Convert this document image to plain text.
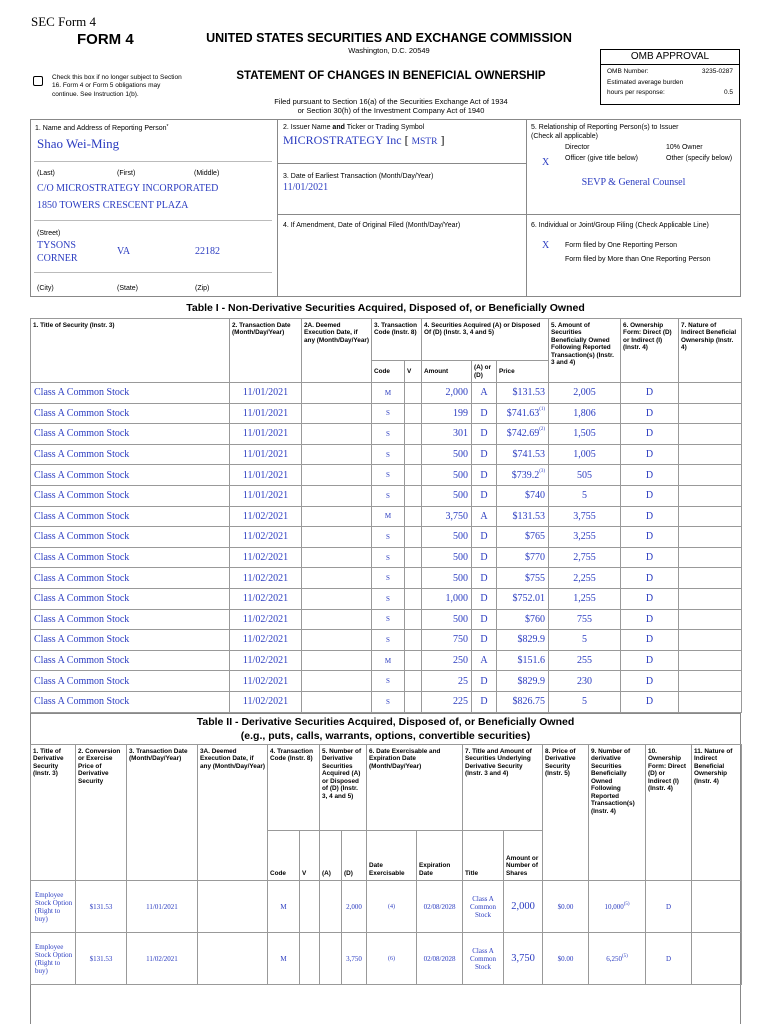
SEC Form 4
FORM 4	UNITED STATES SECURITIES AND EXCHANGE COMMISSION
Washington, D.C. 20549
Check this box if no longer subject to Section 16. Form 4 or Form 5 obligations may continue. See Instruction 1(b).
STATEMENT OF CHANGES IN BENEFICIAL OWNERSHIP
Filed pursuant to Section 16(a) of the Securities Exchange Act of 1934
or Section 30(h) of the Investment Company Act of 1940
OMB APPROVAL
OMB Number:	3235-0287
Estimated average burden
hours per response:	0.5
1. Name and Address of Reporting Person*
Shao Wei-Ming
(Last)	(First)	(Middle)
C/O MICROSTRATEGY INCORPORATED
1850 TOWERS CRESCENT PLAZA
(Street)
TYSONS
CORNER
VA	22182
(City)	(State)	(Zip)
2. Issuer Name and Ticker or Trading Symbol
MICROSTRATEGY Inc [ MSTR ]
3. Date of Earliest Transaction (Month/Day/Year)
11/01/2021
4. If Amendment, Date of Original Filed (Month/Day/Year)
5. Relationship of Reporting Person(s) to Issuer
(Check all applicable)
Director	10% Owner
X Officer (give title below)	Other (specify below)
SEVP & General Counsel
6. Individual or Joint/Group Filing (Check Applicable Line)
X Form filed by One Reporting Person
Form filed by More than One Reporting Person
Table I - Non-Derivative Securities Acquired, Disposed of, or Beneficially Owned
1. Title of Security (Instr. 3)	2. Transaction Date (Month/Day/Year)	2A. Deemed Execution Date, if any (Month/Day/Year)	3. Transaction Code (Instr. 8)		4. Securities Acquired (A) or Disposed Of (D) (Instr. 3, 4 and 5)			5. Amount of Securities Beneficially Owned Following Reported Transaction(s) (Instr. 3 and 4)	6. Ownership Form: Direct (D) or Indirect (I) (Instr. 4)	7. Nature of Indirect Beneficial Ownership (Instr. 4)
			Code	V	Amount	(A) or (D)	Price			
Class A Common Stock	11/01/2021		M		2,000	A	$131.53	2,005	D	
Class A Common Stock	11/01/2021		S		199	D	$741.63$^{(1)}$	1,806	D	
Class A Common Stock	11/01/2021		S		301	D	$742.69$^{(2)}$	1,505	D	
Class A Common Stock	11/01/2021		S		500	D	$741.53	1,005	D	
Class A Common Stock	11/01/2021		S		500	D	$739.2$^{(3)}$	505	D	
Class A Common Stock	11/01/2021		S		500	D	$740	5	D	
Class A Common Stock	11/02/2021		M		3,750	A	$131.53	3,755	D	
Class A Common Stock	11/02/2021		S		500	D	$765	3,255	D	
Class A Common Stock	11/02/2021		S		500	D	$770	2,755	D	
Class A Common Stock	11/02/2021		S		500	D	$755	2,255	D	
Class A Common Stock	11/02/2021		S		1,000	D	$752.01	1,255	D	
Class A Common Stock	11/02/2021		S		500	D	$760	755	D	
Class A Common Stock	11/02/2021		S		750	D	$829.9	5	D	
Class A Common Stock	11/02/2021		M		250	A	$151.6	255	D	
Class A Common Stock	11/02/2021		S		25	D	$829.9	230	D	
Class A Common Stock	11/02/2021		S		225	D	$826.75	5	D	
Table II - Derivative Securities Acquired, Disposed of, or Beneficially Owned
(e.g., puts, calls, warrants, options, convertible securities)
1. Title of Derivative Security (Instr. 3)	2. Conversion or Exercise Price of Derivative Security	3. Transaction Date (Month/Day/Year)	3A. Deemed Execution Date, if any (Month/Day/Year)	4. Transaction Code (Instr. 8)		5. Number of Derivative Securities Acquired (A) or Disposed of (D) (Instr. 3, 4 and 5)		6. Date Exercisable and Expiration Date (Month/Day/Year)		7. Title and Amount of Securities Underlying Derivative Security (Instr. 3 and 4)		8. Price of Derivative Security (Instr. 5)	9. Number of derivative Securities Beneficially Owned Following Reported Transaction(s) (Instr. 4)	10. Ownership Form: Direct (D) or Indirect (I) (Instr. 4)	11. Nature of Indirect Beneficial Ownership (Instr. 4)
				Code	V	(A)	(D)	Date Exercisable	Expiration Date	Title	Amount or Number of Shares				
Employee Stock Option (Right to buy)	$131.53	11/01/2021		M			2,000	(4)	02/08/2028	Class A Common Stock	2,000	$0.00	10,000$^{(5)}$	D	
Employee Stock Option (Right to buy)	$131.53	11/02/2021		M			3,750	(6)	02/08/2028	Class A Common Stock	3,750	$0.00	6,250$^{(5)}$	D	
